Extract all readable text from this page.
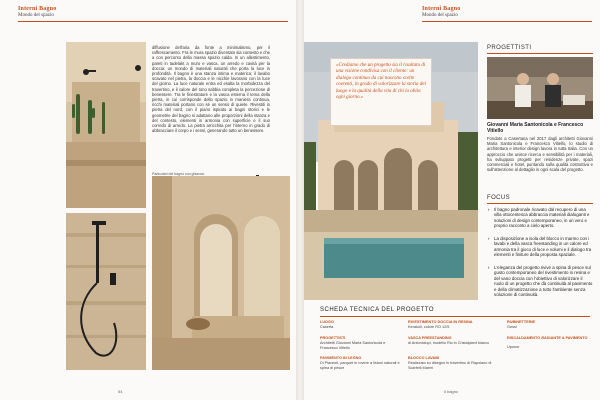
Interni Bagno
Mondo del spazio
diffusione dell'aria da fonte a minimalismo, per il raffrescamento. Fra le mura spazio diventato sia contesto e che a con percorso della massa spazio calda. In un allestimento, pareti in tadelakt a muro e vasca, un arredo e cavità per la doccia: un mondo di materiali naturali che porta la luce in profondità. Il bagno è una stanza intima e materica; il lavabo scavato nel pietra, la doccia e le nicchie lavorano con la luce del giorno. La luce naturale entra ed esalta la morbidezza del travertino, e il calore del tono sabbia completa la percezione di benessere. Tra le finestrature e la vasca esterna il tema della pietra, in cui corrisponde dello spazio in maniera continua, ricchi materiali portano con sé un senso di quiete. Rivestiti in pietra del nord, con il piano ispirato ai bagni storici e le geometrie del bagno si adattano alle proporzioni della stanza e del contesto, elementi in armonia con superficie e il suo corredo di arredo. La pietra arricchita per l'interno in grado di abbracciare il corpo e i sensi, generando tutto un benessere.
Particolari del bagno con ghiaccio
54
Interni Bagno
Mondo del spazio
«Crediamo che un progetto sia il risultato di una visione condivisa con il cliente: un dialogo continuo da cui nascono scelte coerenti, in grado di valorizzare la storia del luogo e la qualità della vita di chi lo abita ogni giorno.»
PROGETTISTI
Giovanni Maria Santonicola e Francesco Vitiello
Fondato a Casertana nel 2017 dagli architetti Giovanni Maria Santonicola e Francesco Vitiello, lo studio di architettura e interior design lavora in tutta Italia. Con un approccio che unisce ricerca e sensibilità per i materiali, ha sviluppato progetti per residenze private, spazi commerciali e hotel, puntando sulla qualità costruttiva e sull'attenzione al dettaglio in ogni scala del progetto.
FOCUS
› Il bagno padronale ricavato dal recupero di una villa ottocentesca abbraccia materiali dialoganti e soluzioni di design contemporaneo, in un vero e proprio racconto a cielo aperto.
› La disposizione a isola del blocco in marmo con i lavabi e della vasca freestanding in un calore ed armonia tra il gioco di luce e volumi e il dialogo tra elementi e finiture della proposta spaziale.
› L'eleganza del progetto rivive a spina di pesce sul gusto contemporaneo del rivestimento in resina e del vano doccia con l'obiettivo di valorizzare il ruolo di un progetto che dà continuità al pavimento e della climatizzazione a tutto l'ambiente senza soluzione di continuità.
Il bagno
SCHEDA TECNICA DEL PROGETTO
LUOGO
Caserta
PROGETTISTI
Architetti Giovanni Maria Santonicola e Francesco Vitiello
PAVIMENTO IN LEGNO
Di Piacenti, parquet in rovere a listoni naturali e spina di pesce
RIVESTIMENTO DOCCIA IN RESINA
Kerakoll, colore RO 12/5
VASCA FREESTANDING
di Antoniolupi, modello Rio in Cristalplant bianco
BLOCCO LAVABI
Realizzato su disegno in travertino di Rapolano di Scarfelli Marmi
RUBINETTERIE
Gessi
RISCALDAMENTO RADIANTE A PAVIMENTO
Uponor
